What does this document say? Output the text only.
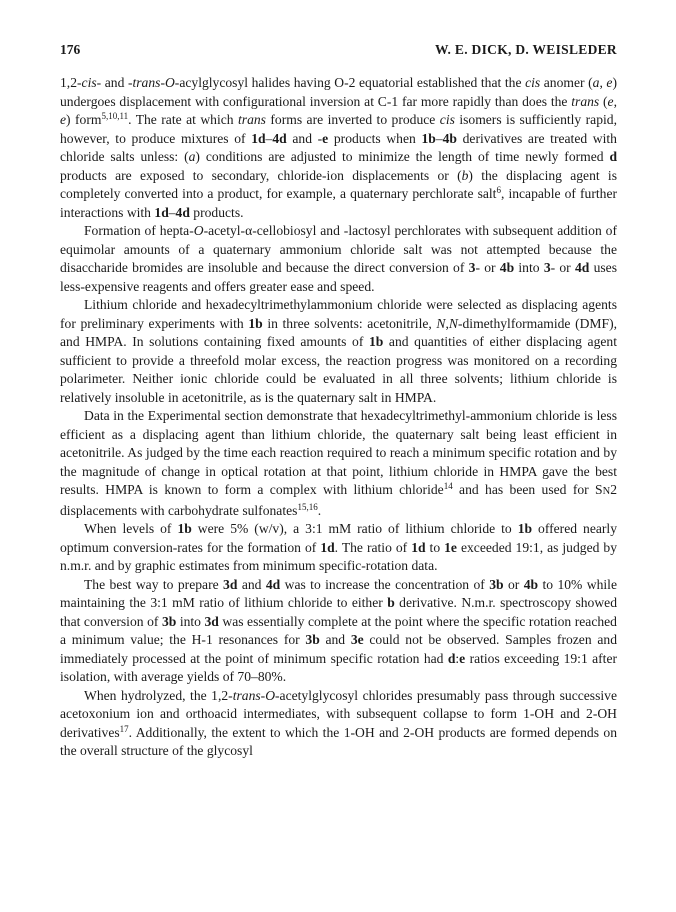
176	W. E. DICK, D. WEISLEDER

1,2-cis- and -trans-O-acylglycosyl halides having O-2 equatorial established that the cis anomer (a, e) undergoes displacement with configurational inversion at C-1 far more rapidly than does the trans (e, e) form$^{5,10,11}$. The rate at which trans forms are inverted to produce cis isomers is sufficiently rapid, however, to produce mixtures of 1d–4d and -e products when 1b–4b derivatives are treated with chloride salts unless: (a) conditions are adjusted to minimize the length of time newly formed d products are exposed to secondary, chloride-ion displacements or (b) the displacing agent is completely converted into a product, for example, a quaternary perchlorate salt$^6$, incapable of further interactions with 1d–4d products.

Formation of hepta-O-acetyl-α-cellobiosyl and -lactosyl perchlorates with subsequent addition of equimolar amounts of a quaternary ammonium chloride salt was not attempted because the disaccharide bromides are insoluble and because the direct conversion of 3- or 4b into 3- or 4d uses less-expensive reagents and offers greater ease and speed.

Lithium chloride and hexadecyltrimethylammonium chloride were selected as displacing agents for preliminary experiments with 1b in three solvents: acetonitrile, N,N-dimethylformamide (DMF), and HMPA. In solutions containing fixed amounts of 1b and quantities of either displacing agent sufficient to provide a threefold molar excess, the reaction progress was monitored on a recording polarimeter. Neither ionic chloride could be evaluated in all three solvents; lithium chloride is relatively insoluble in acetonitrile, as is the quaternary salt in HMPA.

Data in the Experimental section demonstrate that hexadecyltrimethyl-ammonium chloride is less efficient as a displacing agent than lithium chloride, the quaternary salt being least efficient in acetonitrile. As judged by the time each reaction required to reach a minimum specific rotation and by the magnitude of change in optical rotation at that point, lithium chloride in HMPA gave the best results. HMPA is known to form a complex with lithium chloride$^{14}$ and has been used for SN2 displacements with carbohydrate sulfonates$^{15,16}$.

When levels of 1b were 5% (w/v), a 3:1 mM ratio of lithium chloride to 1b offered nearly optimum conversion-rates for the formation of 1d. The ratio of 1d to 1e exceeded 19:1, as judged by n.m.r. and by graphic estimates from minimum specific-rotation data.

The best way to prepare 3d and 4d was to increase the concentration of 3b or 4b to 10% while maintaining the 3:1 mM ratio of lithium chloride to either b derivative. N.m.r. spectroscopy showed that conversion of 3b into 3d was essentially complete at the point where the specific rotation reached a minimum value; the H-1 resonances for 3b and 3e could not be observed. Samples frozen and immediately processed at the point of minimum specific rotation had d:e ratios exceeding 19:1 after isolation, with average yields of 70–80%.

When hydrolyzed, the 1,2-trans-O-acetylglycosyl chlorides presumably pass through successive acetoxonium ion and orthoacid intermediates, with subsequent collapse to form 1-OH and 2-OH derivatives$^{17}$. Additionally, the extent to which the 1-OH and 2-OH products are formed depends on the overall structure of the glycosyl
